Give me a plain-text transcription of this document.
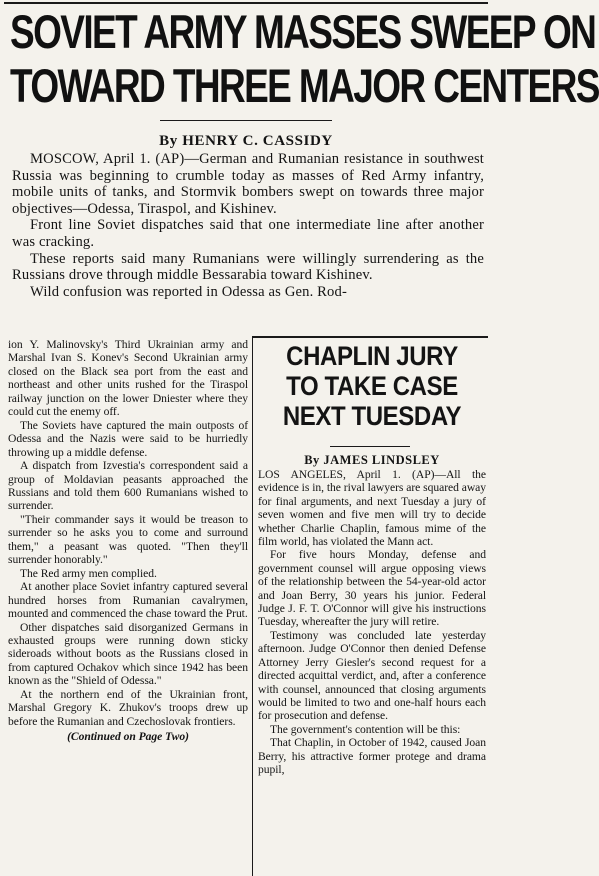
SOVIET ARMY MASSES SWEEP ON
TOWARD THREE MAJOR CENTERS

By HENRY C. CASSIDY

MOSCOW, April 1. (AP)—German and Rumanian resistance in southwest Russia was beginning to crumble today as masses of Red Army infantry, mobile units of tanks, and Stormvik bombers swept on towards three major objectives—Odessa, Tiraspol, and Kishinev.

Front line Soviet dispatches said that one intermediate line after another was cracking.

These reports said many Rumanians were willingly surrendering as the Russians drove through middle Bessarabia toward Kishinev.

Wild confusion was reported in Odessa as Gen. Rod-

ion Y. Malinovsky's Third Ukrainian army and Marshal Ivan S. Konev's Second Ukrainian army closed on the Black sea port from the east and northeast and other units rushed for the Tiraspol railway junction on the lower Dniester where they could cut the enemy off.

The Soviets have captured the main outposts of Odessa and the Nazis were said to be hurriedly throwing up a middle defense.

A dispatch from Izvestia's correspondent said a group of Moldavian peasants approached the Russians and told them 600 Rumanians wished to surrender.

"Their commander says it would be treason to surrender so he asks you to come and surround them," a peasant was quoted. "Then they'll surrender honorably."

The Red army men complied.

At another place Soviet infantry captured several hundred horses from Rumanian cavalrymen, mounted and commenced the chase toward the Prut.

Other dispatches said disorganized Germans in exhausted groups were running down sticky sideroads without boots as the Russians closed in from captured Ochakov which since 1942 has been known as the "Shield of Odessa."

At the northern end of the Ukrainian front, Marshal Gregory K. Zhukov's troops drew up before the Rumanian and Czechoslovak frontiers.

(Continued on Page Two)

CHAPLIN JURY
TO TAKE CASE
NEXT TUESDAY

By JAMES LINDSLEY

LOS ANGELES, April 1. (AP)—All the evidence is in, the rival lawyers are squared away for final arguments, and next Tuesday a jury of seven women and five men will try to decide whether Charlie Chaplin, famous mime of the film world, has violated the Mann act.

For five hours Monday, defense and government counsel will argue opposing views of the relationship between the 54-year-old actor and Joan Berry, 30 years his junior. Federal Judge J. F. T. O'Connor will give his instructions Tuesday, whereafter the jury will retire.

Testimony was concluded late yesterday afternoon. Judge O'Connor then denied Defense Attorney Jerry Giesler's second request for a directed acquittal verdict, and, after a conference with counsel, announced that closing arguments would be limited to two and one-half hours each for prosecution and defense.

The government's contention will be this:

That Chaplin, in October of 1942, caused Joan Berry, his attractive former protege and drama pupil,
